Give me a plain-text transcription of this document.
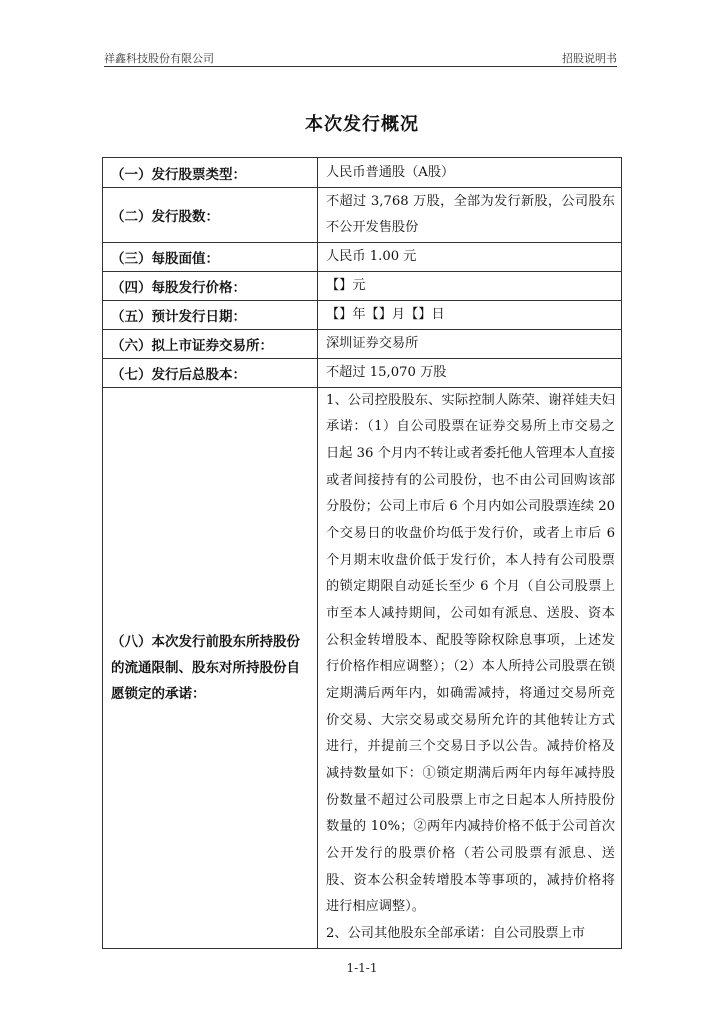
祥鑫科技股份有限公司	招股说明书
本次发行概况
（一）发行股票类型：	人民币普通股（A股）
（二）发行股数：	不超过 3,768 万股，全部为发行新股，公司股东不公开发售股份
（三）每股面值：	人民币 1.00 元
（四）每股发行价格：	【】元
（五）预计发行日期：	【】年【】月【】日
（六）拟上市证券交易所：	深圳证券交易所
（七）发行后总股本：	不超过 15,070 万股
（八）本次发行前股东所持股份的流通限制、股东对所持股份自愿锁定的承诺：	1、公司控股股东、实际控制人陈荣、谢祥娃夫妇承诺：（1）自公司股票在证券交易所上市交易之日起 36 个月内不转让或者委托他人管理本人直接或者间接持有的公司股份，也不由公司回购该部分股份；公司上市后 6 个月内如公司股票连续 20 个交易日的收盘价均低于发行价，或者上市后 6 个月期末收盘价低于发行价，本人持有公司股票的锁定期限自动延长至少 6 个月（自公司股票上市至本人减持期间，公司如有派息、送股、资本公积金转增股本、配股等除权除息事项，上述发行价格作相应调整）；（2）本人所持公司股票在锁定期满后两年内，如确需减持，将通过交易所竞价交易、大宗交易或交易所允许的其他转让方式进行，并提前三个交易日予以公告。减持价格及减持数量如下：①锁定期满后两年内每年减持股份数量不超过公司股票上市之日起本人所持股份数量的 10%；②两年内减持价格不低于公司首次公开发行的股票价格（若公司股票有派息、送股、资本公积金转增股本等事项的，减持价格将进行相应调整）。
2、公司其他股东全部承诺：自公司股票上市
1-1-1
